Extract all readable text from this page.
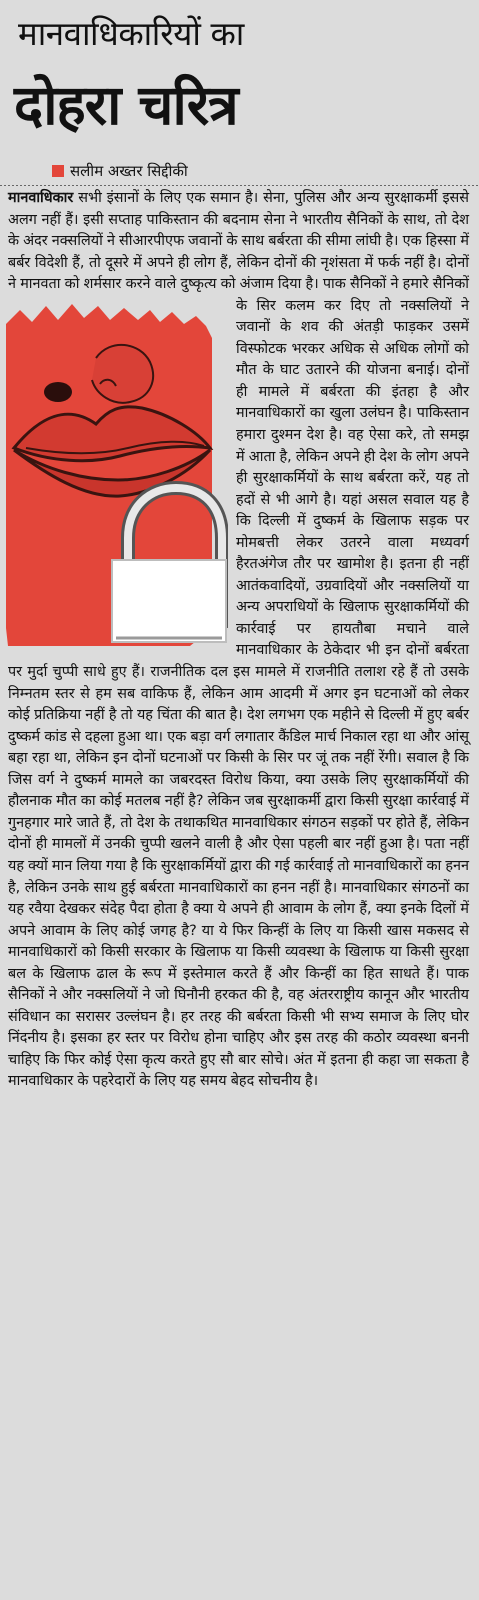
मानवाधिकारियों का
दोहरा चरित्र
सलीम अख्तर सिद्दीकी

मानवाधिकार सभी इंसानों के लिए एक समान है। सेना, पुलिस और अन्य सुरक्षाकर्मी इससे अलग नहीं हैं। इसी सप्ताह पाकिस्तान की बदनाम सेना ने भारतीय सैनिकों के साथ, तो देश के अंदर नक्सलियों ने सीआरपीएफ जवानों के साथ बर्बरता की सीमा लांघी है। एक हिस्सा में बर्बर विदेशी हैं, तो दूसरे में अपने ही लोग हैं, लेकिन दोनों की नृशंसता में फर्क नहीं है। दोनों ने मानवता को शर्मसार करने वाले दुष्कृत्य को अंजाम दिया है। पाक सैनिकों ने हमारे
सैनिकों के सिर कलम कर दिए तो नक्सलियों ने जवानों के शव की अंतड़ी फाड़कर उसमें विस्फोटक भरकर अधिक से अधिक लोगों को मौत के घाट उतारने की योजना बनाई। दोनों ही मामले में बर्बरता की इंतहा है और मानवाधिकारों का खुला उलंघन है। पाकिस्तान हमारा दुश्मन देश है। वह ऐसा करे, तो समझ में आता है, लेकिन अपने ही देश के लोग अपने ही सुरक्षाकर्मियों के साथ बर्बरता करें, यह तो हदों से भी आगे है। यहां असल सवाल यह है कि दिल्ली में दुष्कर्म के खिलाफ सड़क पर मोमबत्ती लेकर उतरने वाला मध्यवर्ग हैरतअंगेज तौर पर खामोश है। इतना ही नहीं आतंकवादियों, उग्रवादियों और नक्सलियों या अन्य अपराधियों के खिलाफ सुरक्षाकर्मियों की कार्रवाई पर हायतौबा मचाने वाले मानवाधिकार के ठेकेदार भी इन दोनों बर्बरता पर मुर्दा चुप्पी साधे हुए हैं। राजनीतिक दल इस मामले में राजनीति तलाश रहे हैं तो उसके निम्नतम स्तर से हम सब वाकिफ हैं, लेकिन आम आदमी में अगर इन घटनाओं को लेकर कोई प्रतिक्रिया नहीं है तो यह चिंता की बात है। देश लगभग एक महीने से दिल्ली में हुए बर्बर दुष्कर्म कांड से दहला हुआ था। एक बड़ा वर्ग लगातार कैंडिल मार्च निकाल रहा था और आंसू बहा रहा था, लेकिन इन दोनों घटनाओं पर किसी के सिर पर जूं तक नहीं रेंगी। सवाल है कि जिस वर्ग ने दुष्कर्म मामले का जबरदस्त विरोध किया, क्या उसके लिए सुरक्षाकर्मियों की हौलनाक मौत का कोई मतलब नहीं है? लेकिन जब सुरक्षाकर्मी द्वारा किसी सुरक्षा कार्रवाई में गुनहगार मारे जाते हैं, तो देश के तथाकथित मानवाधिकार संगठन सड़कों पर होते हैं, लेकिन दोनों ही मामलों में उनकी चुप्पी खलने वाली है और ऐसा पहली बार नहीं हुआ है। पता नहीं यह क्यों मान लिया गया है कि सुरक्षाकर्मियों द्वारा की गई कार्रवाई तो मानवाधिकारों का हनन है, लेकिन उनके साथ हुई बर्बरता मानवाधिकारों का हनन नहीं है। मानवाधिकार संगठनों का यह रवैया देखकर संदेह पैदा होता है क्या ये अपने ही आवाम के लोग हैं, क्या इनके दिलों में अपने आवाम के लिए कोई जगह है? या ये फिर किन्हीं के लिए या किसी खास मकसद से मानवाधिकारों को किसी सरकार के खिलाफ या किसी व्यवस्था के खिलाफ या किसी सुरक्षा बल के खिलाफ ढाल के रूप में इस्तेमाल करते हैं और किन्हीं का हित साधते हैं। पाक सैनिकों ने और नक्सलियों ने जो घिनौनी हरकत की है, वह अंतरराष्ट्रीय कानून और भारतीय संविधान का सरासर उल्लंघन है। हर तरह की बर्बरता किसी भी सभ्य समाज के लिए घोर निंदनीय है। इसका हर स्तर पर विरोध होना चाहिए और इस तरह की कठोर व्यवस्था बननी चाहिए कि फिर कोई ऐसा कृत्य करते हुए सौ बार सोचे। अंत में इतना ही कहा जा सकता है मानवाधिकार के पहरेदारों के लिए यह समय बेहद सोचनीय है।
